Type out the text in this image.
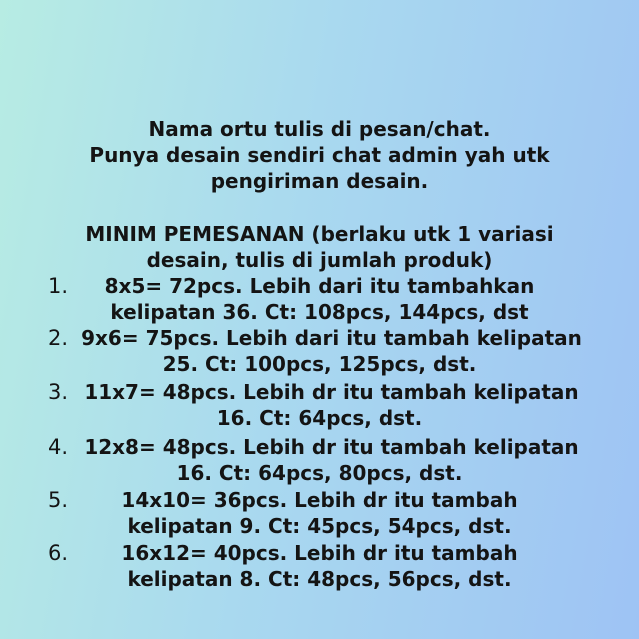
Nama ortu tulis di pesan/chat.
Punya desain sendiri chat admin yah utk
pengiriman desain.
MINIM PEMESANAN (berlaku utk 1 variasi
desain, tulis di jumlah produk)
1.	8x5= 72pcs. Lebih dari itu tambahkan
kelipatan 36. Ct: 108pcs, 144pcs, dst
2. 9x6= 75pcs. Lebih dari itu tambah kelipatan
25. Ct: 100pcs, 125pcs, dst.
3. 11x7= 48pcs. Lebih dr itu tambah kelipatan
16. Ct: 64pcs, dst.
4. 12x8= 48pcs. Lebih dr itu tambah kelipatan
16. Ct: 64pcs, 80pcs, dst.
5.	14x10= 36pcs. Lebih dr itu tambah
kelipatan 9. Ct: 45pcs, 54pcs, dst.
6.	16x12= 40pcs. Lebih dr itu tambah
kelipatan 8. Ct: 48pcs, 56pcs, dst.
